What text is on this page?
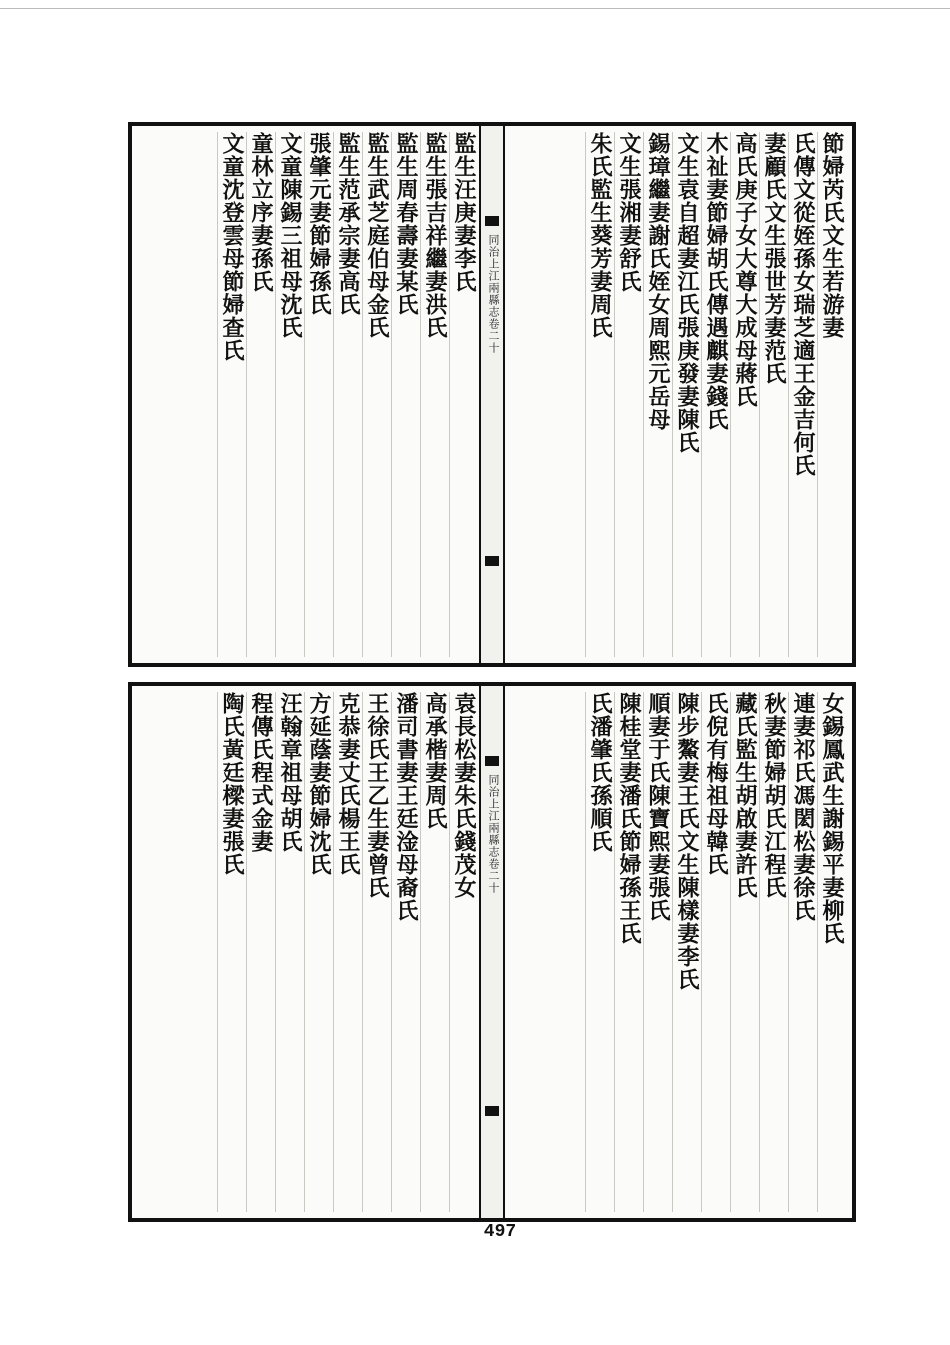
節婦芮氏文生若游妻
氏傳文從姪孫女瑞芝適王金吉何氏
妻顧氏文生張世芳妻范氏
高氏庚子女大尊大成母蔣氏
木祉妻節婦胡氏傳遇麒妻錢氏
文生袁自超妻江氏張庚發妻陳氏
錫璋繼妻謝氏姪女周熙元岳母
文生張湘妻舒氏
朱氏監生葵芳妻周氏
同治上江兩縣志卷二十
監生汪庚妻李氏
監生張吉祥繼妻洪氏
監生周春壽妻某氏
監生武芝庭伯母金氏
監生范承宗妻高氏
張肇元妻節婦孫氏
文童陳錫三祖母沈氏
童林立序妻孫氏
文童沈登雲母節婦查氏
女錫鳳武生謝錫平妻柳氏
連妻祁氏馮閎松妻徐氏
秋妻節婦胡氏江程氏
藏氏監生胡啟妻許氏
氏倪有梅祖母韓氏
陳步鰲妻王氏文生陳樣妻李氏
順妻于氏陳寶熙妻張氏
陳桂堂妻潘氏節婦孫王氏
氏潘肇氏孫順氏
同治上江兩縣志卷二十
袁長松妻朱氏錢茂女
高承楷妻周氏
潘司書妻王廷淦母裔氏
王徐氏王乙生妻曾氏
克恭妻丈氏楊王氏
方延蔭妻節婦沈氏
汪翰章祖母胡氏
程傳氏程式金妻
陶氏黃廷樑妻張氏
497
